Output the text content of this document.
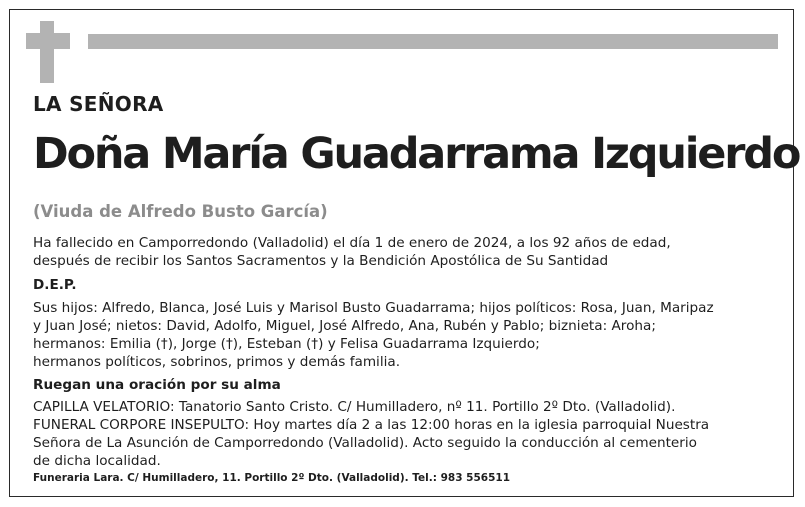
LA SEÑORA
Doña María Guadarrama Izquierdo
(Viuda de Alfredo Busto García)
Ha fallecido en Camporredondo (Valladolid) el día 1 de enero de 2024, a los 92 años de edad,
después de recibir los Santos Sacramentos y la Bendición Apostólica de Su Santidad
D.E.P.
Sus hijos: Alfredo, Blanca, José Luis y Marisol Busto Guadarrama; hijos políticos: Rosa, Juan, Maripaz
y Juan José; nietos: David, Adolfo, Miguel, José Alfredo, Ana, Rubén y Pablo; biznieta: Aroha;
hermanos: Emilia (†), Jorge (†), Esteban (†) y Felisa Guadarrama Izquierdo;
hermanos políticos, sobrinos, primos y demás familia.
Ruegan una oración por su alma
CAPILLA VELATORIO: Tanatorio Santo Cristo. C/ Humilladero, nº 11. Portillo 2º Dto. (Valladolid).
FUNERAL CORPORE INSEPULTO: Hoy martes día 2 a las 12:00 horas en la iglesia parroquial Nuestra
Señora de La Asunción de Camporredondo (Valladolid). Acto seguido la conducción al cementerio
de dicha localidad.
Funeraria Lara. C/ Humilladero, 11. Portillo 2º Dto. (Valladolid). Tel.: 983 556511
